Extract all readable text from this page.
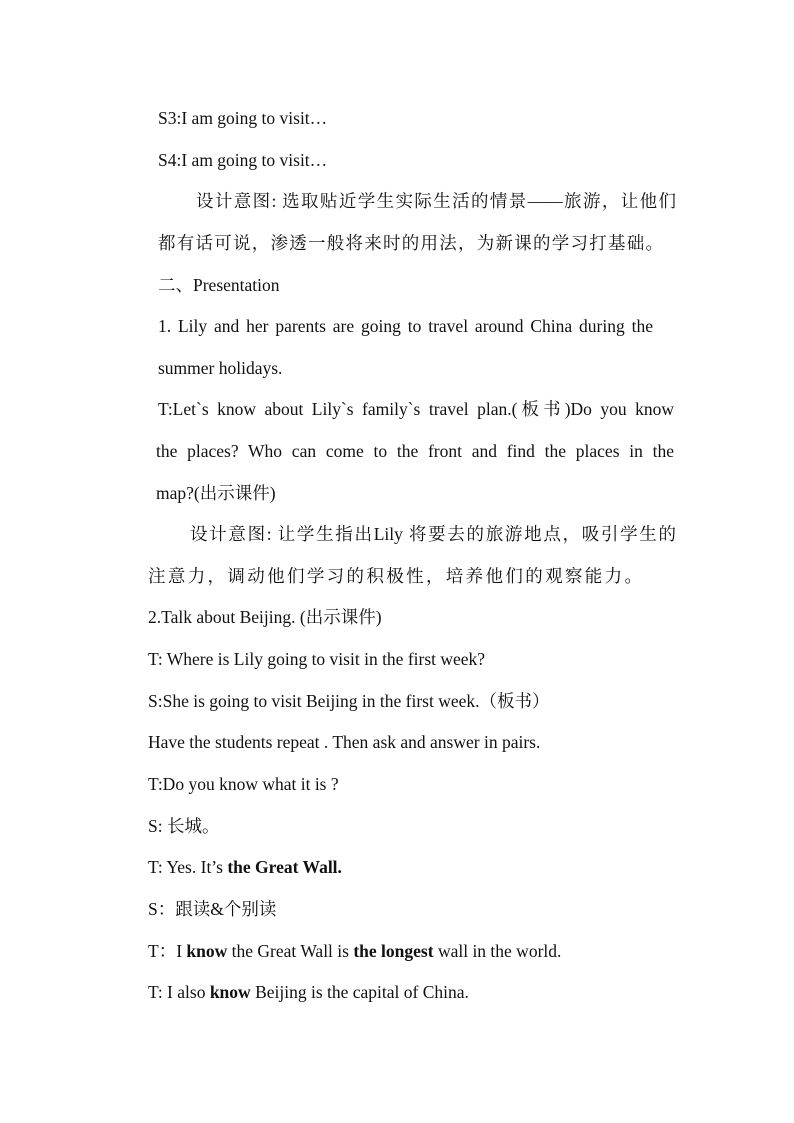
S3:I am going to visit…
S4:I am going to visit…
设计意图: 选取贴近学生实际生活的情景——旅游，让他们
都有话可说，渗透一般将来时的用法，为新课的学习打基础。
二、Presentation
1. Lily and her parents are going to travel around China during the
summer holidays.
T:Let`s know about Lily`s family`s travel plan.(板书)Do you know
the places? Who can come to the front and find the places in the
map?(出示课件)
设计意图: 让学生指出Lily 将要去的旅游地点，吸引学生的
注意力，调动他们学习的积极性，培养他们的观察能力。
2.Talk about Beijing. (出示课件)
T: Where is Lily going to visit in the first week?
S:She is going to visit Beijing in the first week.（板书）
Have the students repeat . Then ask and answer in pairs.
T:Do you know what it is ?
S: 长城。
T: Yes. It’s the Great Wall.
S：跟读&个别读
T：I know the Great Wall is the longest wall in the world.
T: I also know Beijing is the capital of China.
